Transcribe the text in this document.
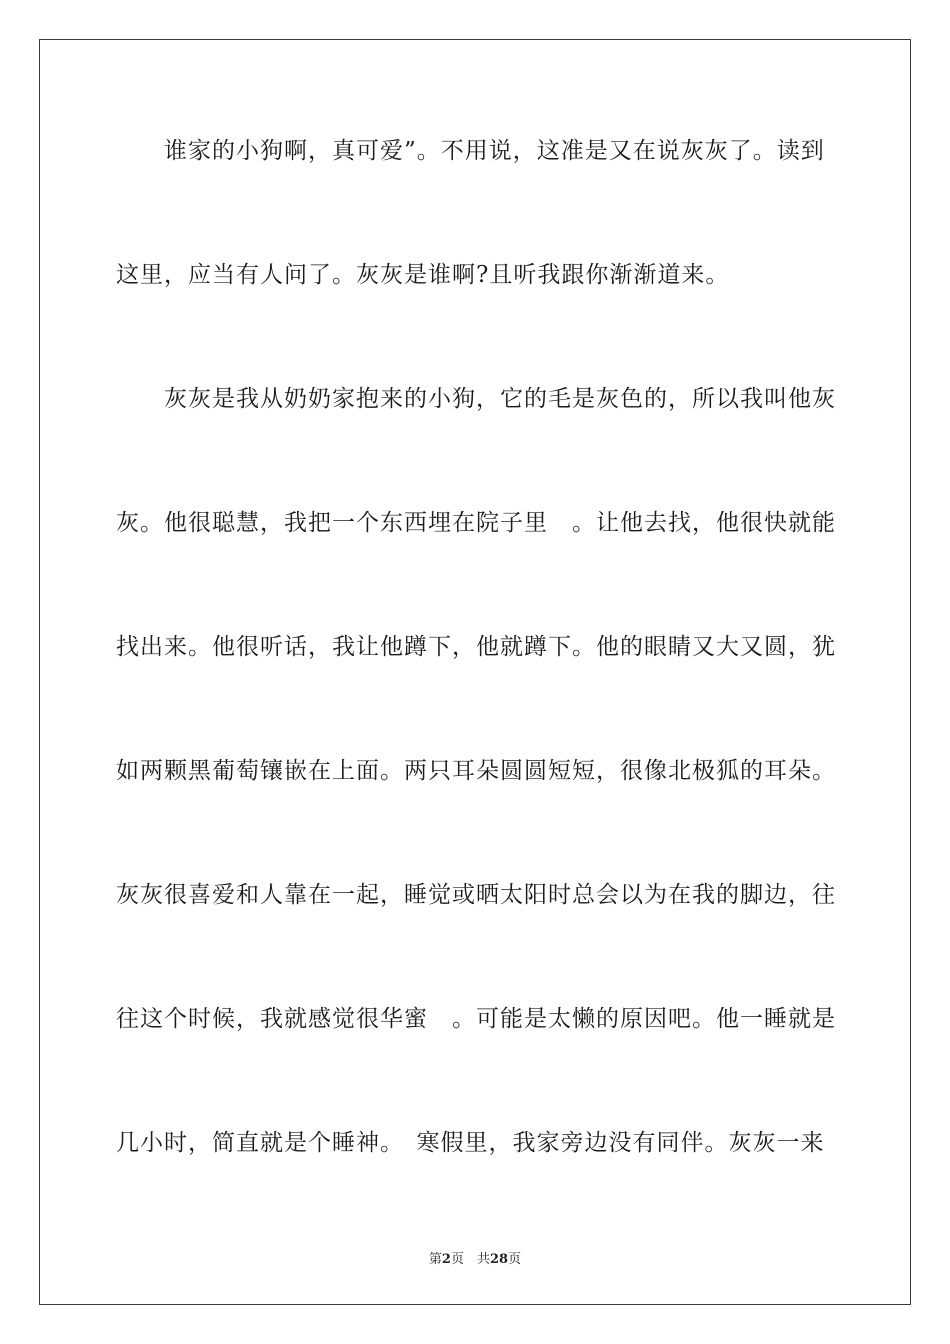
　　谁家的小狗啊，真可爱”。不用说，这准是又在说灰灰了。读到
这里，应当有人问了。灰灰是谁啊?且听我跟你渐渐道来。
　　灰灰是我从奶奶家抱来的小狗，它的毛是灰色的，所以我叫他灰
灰。他很聪慧，我把一个东西埋在院子里　。让他去找，他很快就能
找出来。他很听话，我让他蹲下，他就蹲下。他的眼睛又大又圆，犹
如两颗黑葡萄镶嵌在上面。两只耳朵圆圆短短，很像北极狐的耳朵。
灰灰很喜爱和人靠在一起，睡觉或晒太阳时总会以为在我的脚边，往
往这个时候，我就感觉很华蜜　。可能是太懒的原因吧。他一睡就是
几小时，简直就是个睡神。　寒假里，我家旁边没有同伴。灰灰一来
第2页　共28页
